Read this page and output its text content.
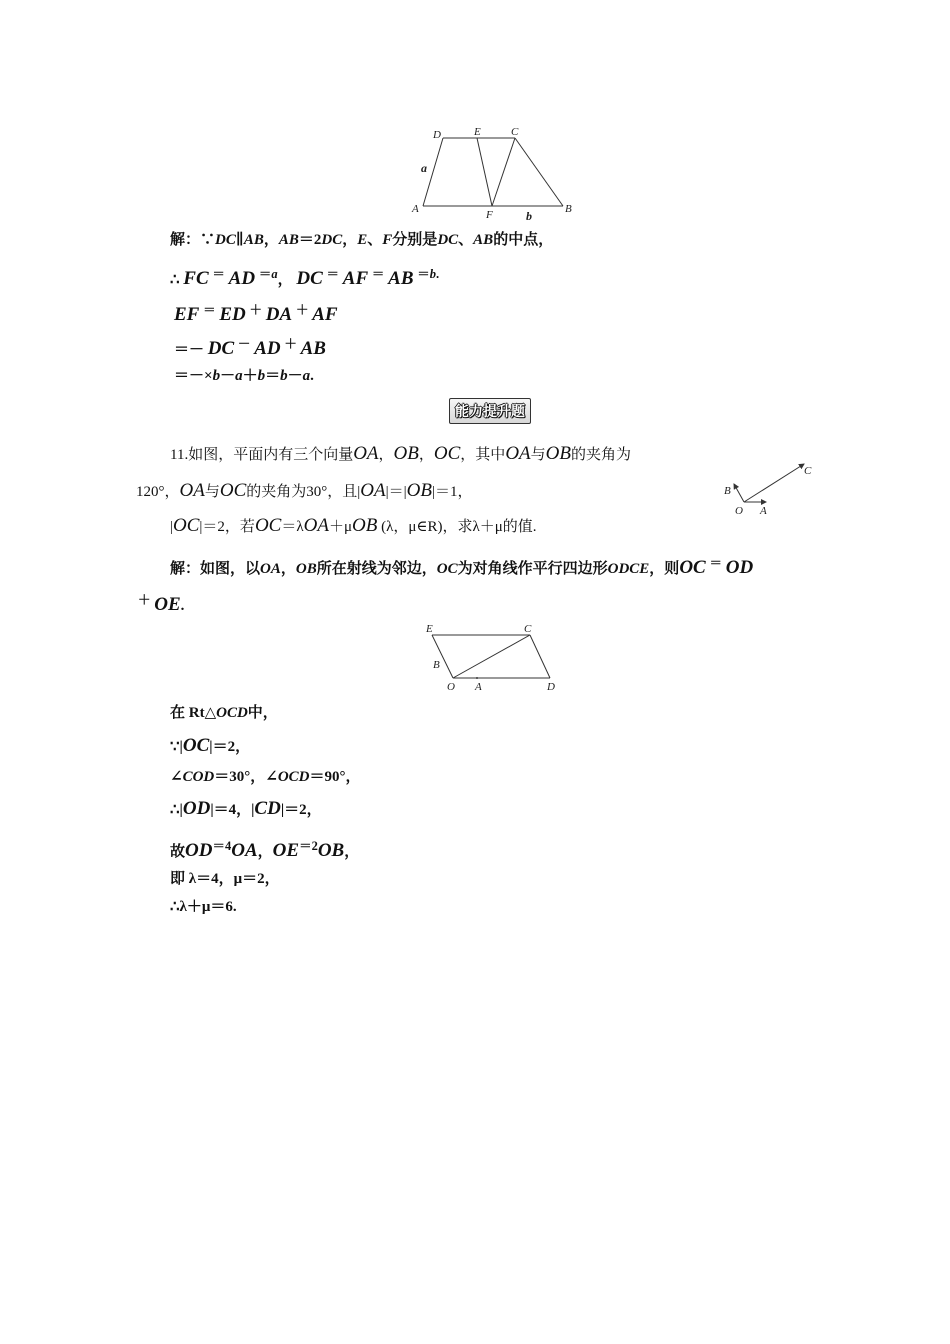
D	E	C
a
A	F	b	B
解：∵DC∥AB，AB＝2DC，E、F分别是DC、AB的中点，
∴ FC ＝ AD $^{=a}$， DC ＝ AF ＝ AB $^{=b.}$
EF ＝ ED ＋ DA ＋ AF
＝－ DC － AD ＋ AB
＝－×b－a＋b＝b－a.
能力提升题
11.如图，平面内有三个向量OA，OB，OC，其中OA与OB的夹角为
120°，OA与OC的夹角为30°，且|OA|＝|OB|＝1，
|OC|＝2，若OC＝λOA＋μOB (λ，μ∈R)，求λ＋μ的值.
C
B
O A
解：如图，以OA，OB所在射线为邻边，OC为对角线作平行四边形ODCE，则OC ＝ OD
＋ OE.
E	C
B
O A	D
在 Rt△OCD中，
∵|OC|＝2，
∠COD＝30°，∠OCD＝90°，
∴|OD|＝4，|CD|＝2，
故$OD^{=4}OA$，$OE^{=2}OB$，
即 λ＝4，μ＝2，
∴λ＋μ＝6.
